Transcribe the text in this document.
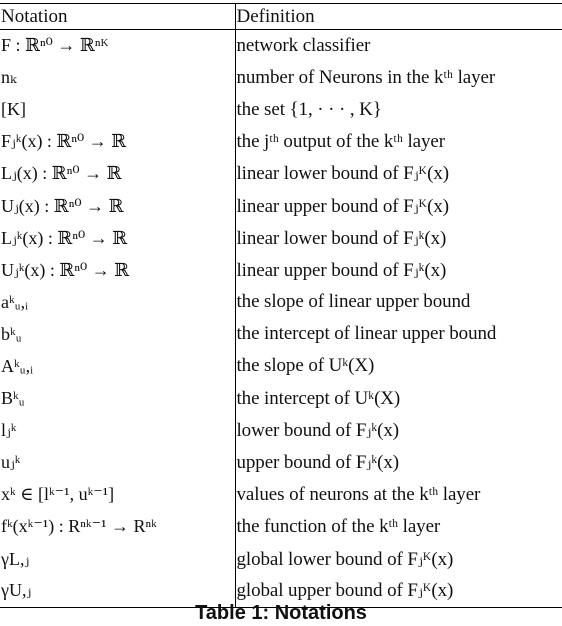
Notation	Definition
F : ℝⁿ⁰ → ℝⁿᴷ	network classifier
nₖ	number of Neurons in the kᵗʰ layer
[K]	the set {1, · · · , K}
Fⱼᵏ(x) : ℝⁿ⁰ → ℝ	the jᵗʰ output of the kᵗʰ layer
Lⱼ(x) : ℝⁿ⁰ → ℝ	linear lower bound of Fⱼᴷ(x)
Uⱼ(x) : ℝⁿ⁰ → ℝ	linear upper bound of Fⱼᴷ(x)
Lⱼᵏ(x) : ℝⁿ⁰ → ℝ	linear lower bound of Fⱼᵏ(x)
Uⱼᵏ(x) : ℝⁿ⁰ → ℝ	linear upper bound of Fⱼᵏ(x)
aᵏᵤ,ᵢ	the slope of linear upper bound
bᵏᵤ	the intercept of linear upper bound
Aᵏᵤ,ᵢ	the slope of Uᵏ(X)
Bᵏᵤ	the intercept of Uᵏ(X)
lⱼᵏ	lower bound of Fⱼᵏ(x)
uⱼᵏ	upper bound of Fⱼᵏ(x)
xᵏ ∈ [lᵏ⁻¹, uᵏ⁻¹]	values of neurons at the kᵗʰ layer
fᵏ(xᵏ⁻¹) : Rⁿᵏ⁻¹ → Rⁿᵏ	the function of the kᵗʰ layer
γL,ⱼ	global lower bound of Fⱼᴷ(x)
γU,ⱼ	global upper bound of Fⱼᴷ(x)
Table 1: Notations
